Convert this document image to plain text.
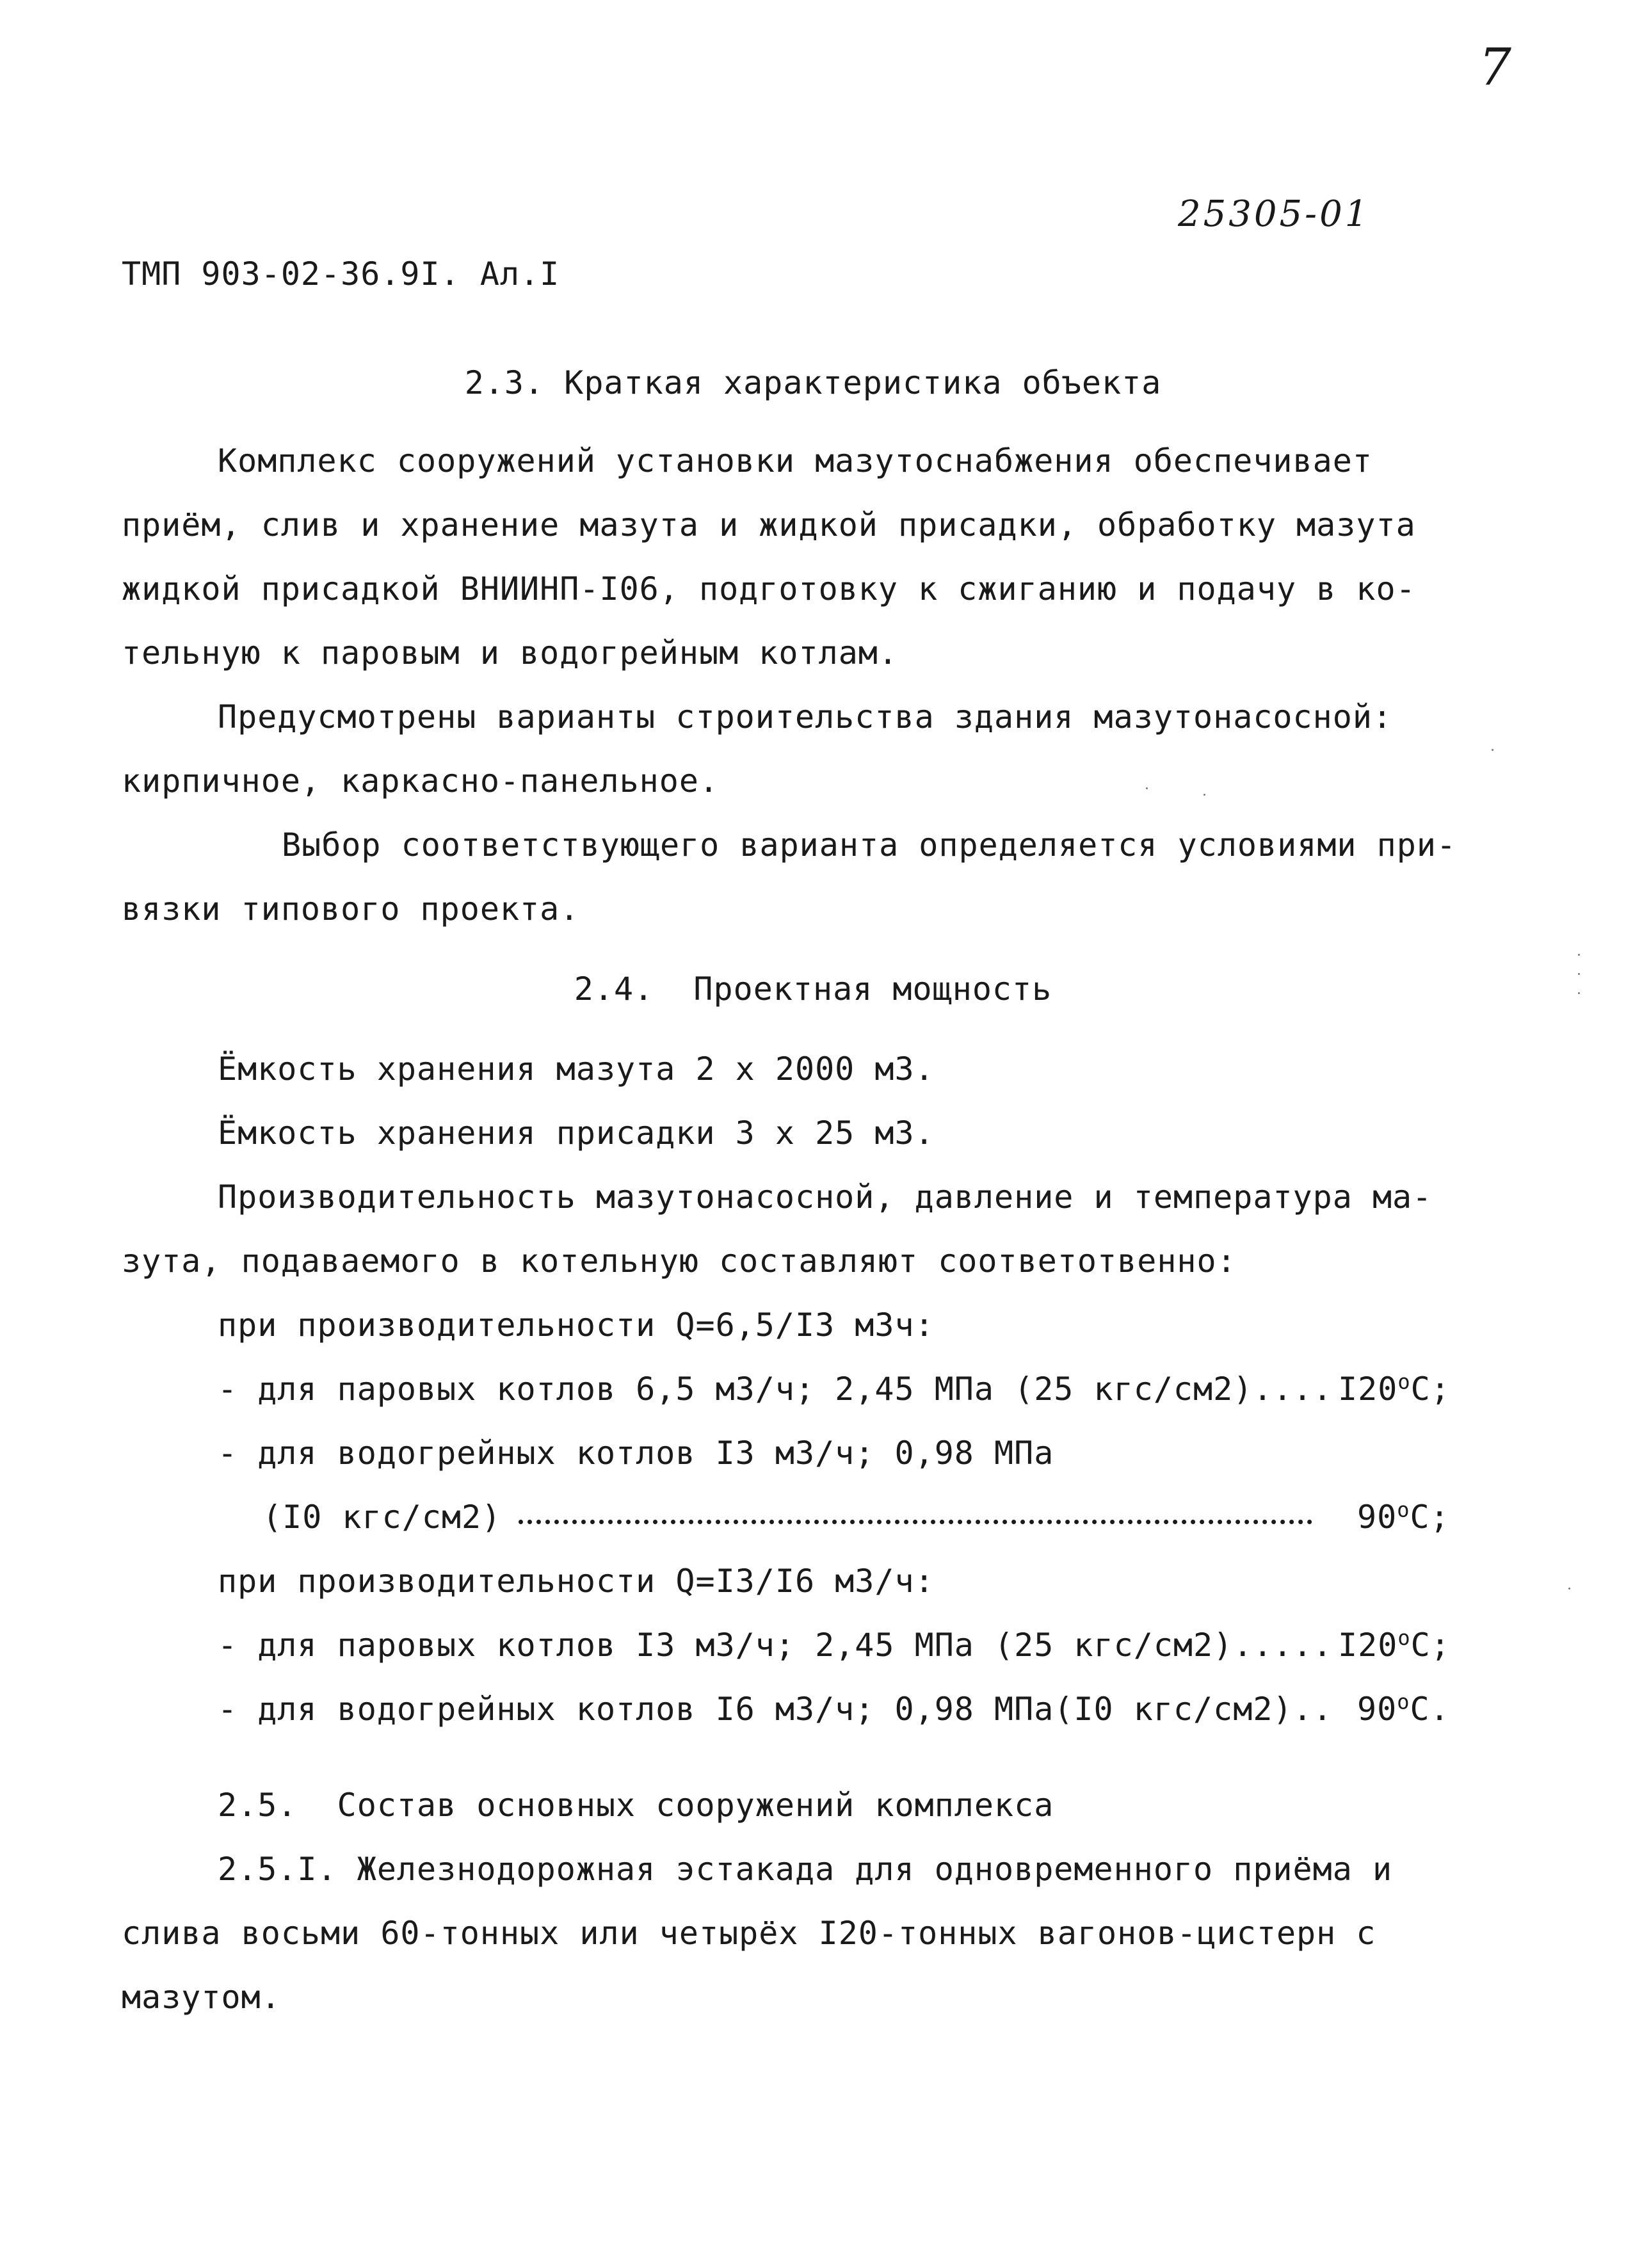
7
25305-01
ТМП 903-02-36.9I. Ал.I
2.3. Краткая характеристика объекта
Комплекс сооружений установки мазутоснабжения обеспечивает
приём, слив и хранение мазута и жидкой присадки, обработку мазута
жидкой присадкой ВНИИНП-I06, подготовку к сжиганию и подачу в ко-
тельную к паровым и водогрейным котлам.
Предусмотрены варианты строительства здания мазутонасосной:
кирпичное, каркасно-панельное.
Выбор соответствующего варианта определяется условиями при-
вязки типового проекта.
2.4.  Проектная мощность
Ёмкость хранения мазута 2 х 2000 м3.
Ёмкость хранения присадки 3 х 25 м3.
Производительность мазутонасосной, давление и температура ма-
зута, подаваемого в котельную составляют соответотвенно:
при производительности Q=6,5/I3 м3ч:
- для паровых котлов 6,5 м3/ч; 2,45 МПа (25 кгс/см2).... I20$^o$С;
- для водогрейных котлов I3 м3/ч; 0,98 МПа
(I0 кгс/см2)	90$^o$С;
при производительности Q=I3/I6 м3/ч:
- для паровых котлов I3 м3/ч; 2,45 МПа (25 кгс/см2)..... I20$^o$С;
- для водогрейных котлов I6 м3/ч; 0,98 МПа(I0 кгс/см2).. 90$^o$С.
2.5.  Состав основных сооружений комплекса
2.5.I. Железнодорожная эстакада для одновременного приёма и
слива восьми 60-тонных или четырёх I20-тонных вагонов-цистерн с
мазутом.
